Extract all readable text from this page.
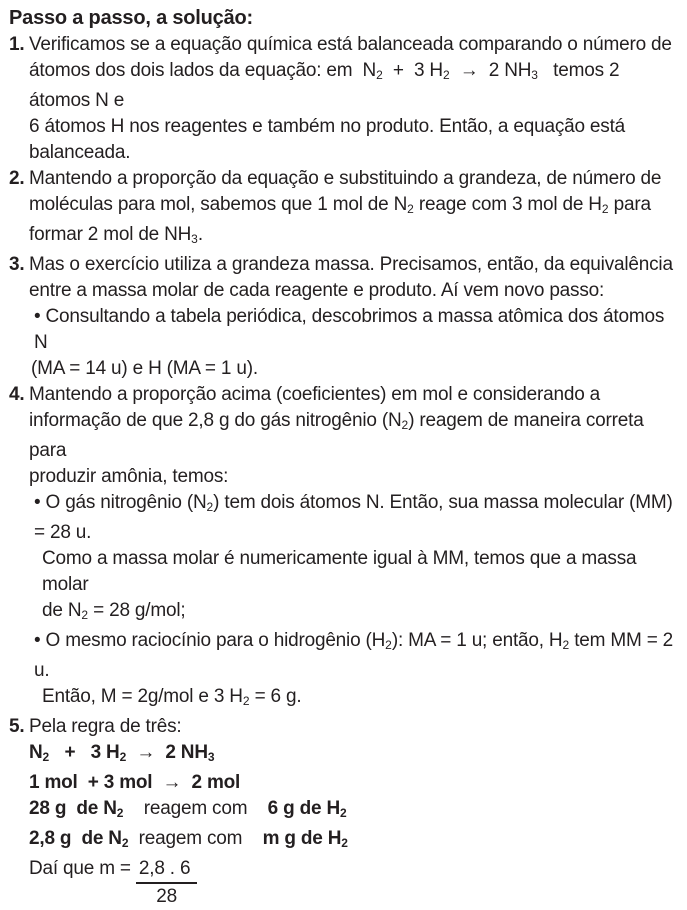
Passo a passo, a solução:
1. Verificamos se a equação química está balanceada comparando o número de
átomos dos dois lados da equação: em  $N_2 + 3$ $H_2 \to 2$ $NH_3$   temos 2 átomos N e
6 átomos H nos reagentes e também no produto. Então, a equação está balanceada.
2. Mantendo a proporção da equação e substituindo a grandeza, de número de
moléculas para mol, sabemos que 1 mol de $N_2$ reage com 3 mol de $H_2$ para
formar 2 mol de $NH_3$.
3. Mas o exercício utiliza a grandeza massa. Precisamos, então, da equivalência
entre a massa molar de cada reagente e produto. Aí vem novo passo:
• Consultando a tabela periódica, descobrimos a massa atômica dos átomos N
(MA = 14 u) e H (MA = 1 u).
4. Mantendo a proporção acima (coeficientes) em mol e considerando a
informação de que 2,8 g do gás nitrogênio $(N_2)$ reagem de maneira correta para
produzir amônia, temos:
• O gás nitrogênio $(N_2)$ tem dois átomos N. Então, sua massa molecular (MM) = 28 u.
Como a massa molar é numericamente igual à MM, temos que a massa molar
de $N_2 = 28$ g/mol;
• O mesmo raciocínio para o hidrogênio $(H_2)$: MA = 1 u; então, $H_2$ tem MM = 2 u.
Então, M = 2g/mol e 3 $H_2 = 6$ g.
5. Pela regra de três:
$N_2 + 3$ $H_2 \to 2$ $NH_3$
1 mol  + 3 mol  →  2 mol
28 g  de $N_2$    reagem com    6 g de $H_2$
2,8 g  de $N_2$  reagem com    m g de $H_2$
Daí que $m = \frac{2,8 . 6}{28}$
